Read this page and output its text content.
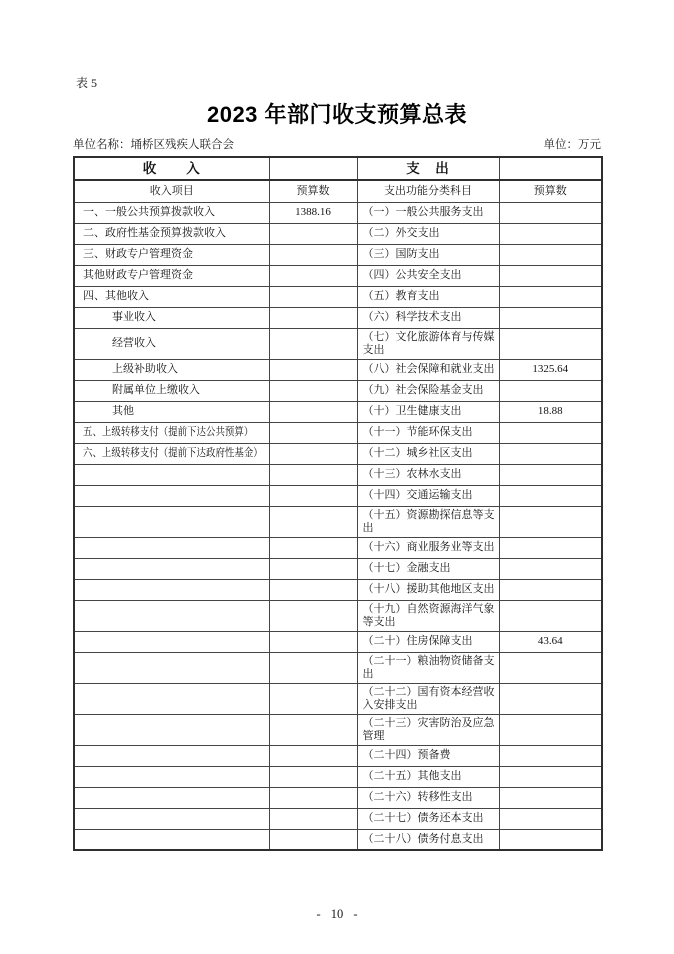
表 5
2023 年部门收支预算总表
单位名称：埇桥区残疾人联合会	单位：万元
收　　入		支　出	
收入项目	预算数	支出功能分类科目	预算数
一、一般公共预算拨款收入	1388.16	（一）一般公共服务支出	
二、政府性基金预算拨款收入		（二）外交支出	
三、财政专户管理资金		（三）国防支出	
其他财政专户管理资金		（四）公共安全支出	
四、其他收入		（五）教育支出	
事业收入		（六）科学技术支出	
经营收入		（七）文化旅游体育与传媒支出	
上级补助收入		（八）社会保障和就业支出	1325.64
附属单位上缴收入		（九）社会保险基金支出	
其他		（十）卫生健康支出	18.88
五、上级转移支付（提前下达公共预算）		（十一）节能环保支出	
六、上级转移支付（提前下达政府性基金）		（十二）城乡社区支出	
		（十三）农林水支出	
		（十四）交通运输支出	
		（十五）资源勘探信息等支出	
		（十六）商业服务业等支出	
		（十七）金融支出	
		（十八）援助其他地区支出	
		（十九）自然资源海洋气象等支出	
		（二十）住房保障支出	43.64
		（二十一）粮油物资储备支出	
		（二十二）国有资本经营收入安排支出	
		（二十三）灾害防治及应急管理	
		（二十四）预备费	
		（二十五）其他支出	
		（二十六）转移性支出	
		（二十七）债务还本支出	
		（二十八）债务付息支出	
- 10 -
